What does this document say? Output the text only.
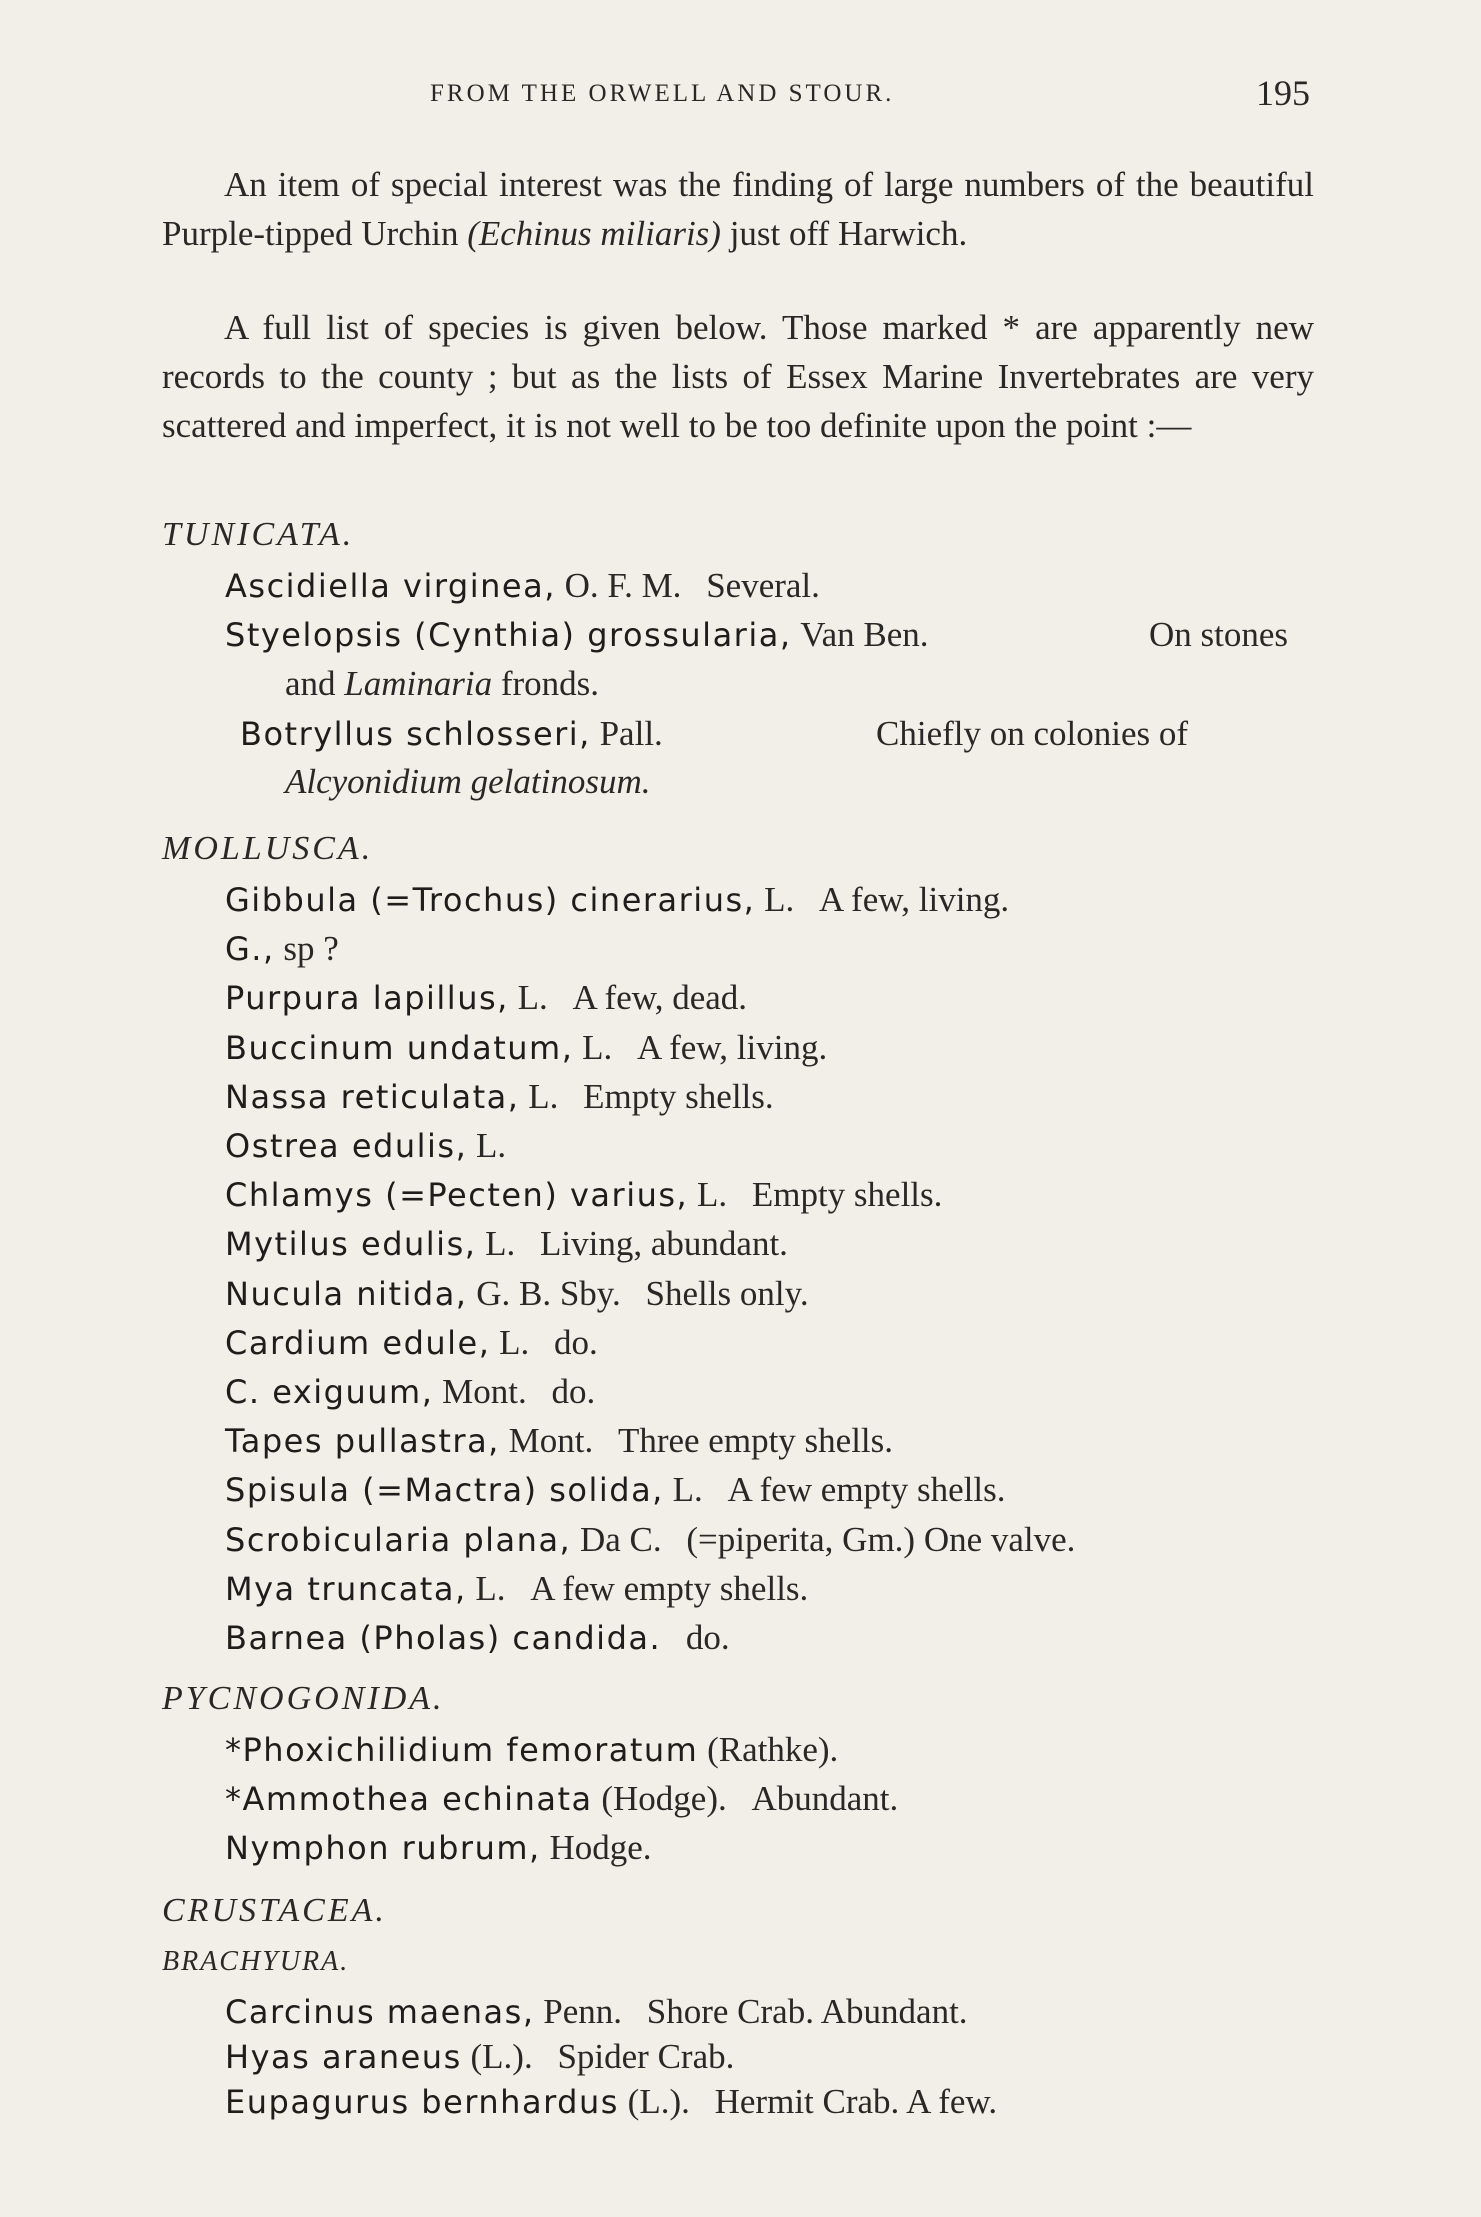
FROM THE ORWELL AND STOUR.	195

An item of special interest was the finding of large numbers of the beautiful Purple-tipped Urchin (Echinus miliaris) just off Harwich.

A full list of species is given below. Those marked * are apparently new records to the county ; but as the lists of Essex Marine Invertebrates are very scattered and imperfect, it is not well to be too definite upon the point :—

TUNICATA.
Ascidiella virginea, O. F. M. Several.
Styelopsis (Cynthia) grossularia, Van Ben.	On stones
and Laminaria fronds.
Botryllus schlosseri, Pall.	Chiefly on colonies of
Alcyonidium gelatinosum.
MOLLUSCA.
Gibbula (=Trochus) cinerarius, L. A few, living.
G., sp ?
Purpura lapillus, L. A few, dead.
Buccinum undatum, L. A few, living.
Nassa reticulata, L. Empty shells.
Ostrea edulis, L.
Chlamys (=Pecten) varius, L. Empty shells.
Mytilus edulis, L. Living, abundant.
Nucula nitida, G. B. Sby. Shells only.
Cardium edule, L. do.
C. exiguum, Mont. do.
Tapes pullastra, Mont. Three empty shells.
Spisula (=Mactra) solida, L. A few empty shells.
Scrobicularia plana, Da C. (=piperita, Gm.) One valve.
Mya truncata, L. A few empty shells.
Barnea (Pholas) candida. do.
PYCNOGONIDA.
*Phoxichilidium femoratum (Rathke).
*Ammothea echinata (Hodge). Abundant.
Nymphon rubrum, Hodge.
CRUSTACEA.
BRACHYURA.
Carcinus maenas, Penn. Shore Crab. Abundant.
Hyas araneus (L.). Spider Crab.
Eupagurus bernhardus (L.). Hermit Crab. A few.
